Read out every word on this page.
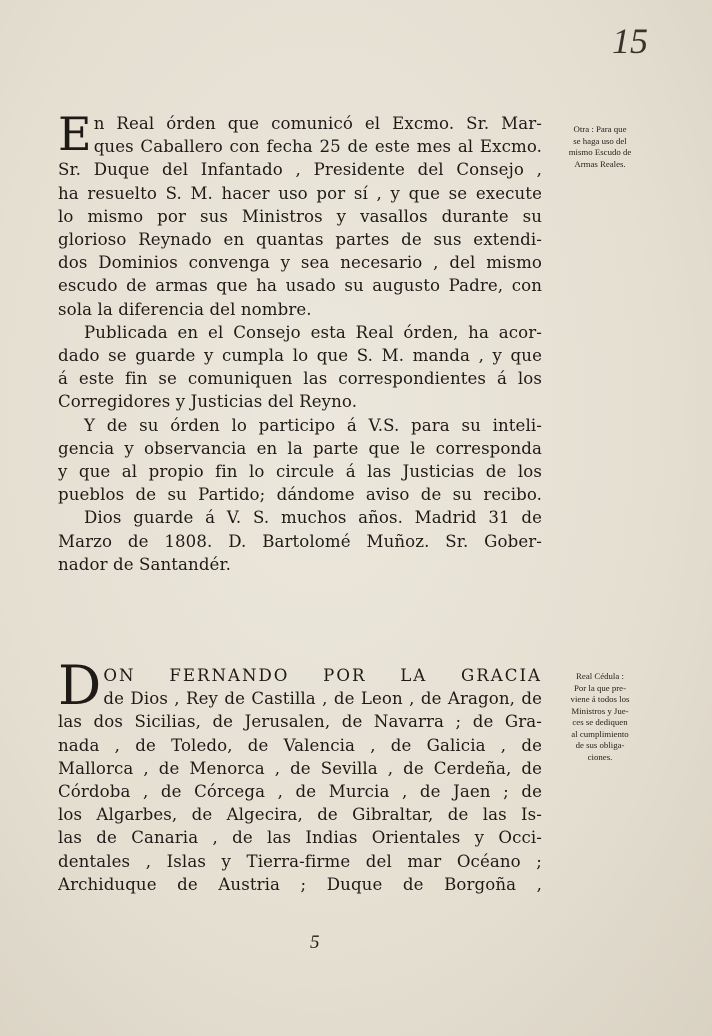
15
E n Real órden que comunicó el Excmo. Sr. Mar-
ques Caballero con fecha 25 de este mes al Excmo.
Sr. Duque del Infantado , Presidente del Consejo ,
ha resuelto S. M. hacer uso por sí , y que se execute
lo mismo por sus Ministros y vasallos durante su
glorioso Reynado en quantas partes de sus extendi-
dos Dominios convenga y sea necesario , del mismo
escudo de armas que ha usado su augusto Padre, con
sola la diferencia del nombre.
Publicada en el Consejo esta Real órden, ha acor-
dado se guarde y cumpla lo que S. M. manda , y que
á este fin se comuniquen las correspondientes á los
Corregidores y Justicias del Reyno.
Y de su órden lo participo á V.S. para su inteli-
gencia y observancia en la parte que le corresponda
y que al propio fin lo circule á las Justicias de los
pueblos de su Partido; dándome aviso de su recibo.
Dios guarde á V. S. muchos años. Madrid 31 de
Marzo de 1808. D. Bartolomé Muñoz. Sr. Gober-
nador de Santandér.
Otra : Para que
se haga uso del
mismo Escudo de
Armas Reales.
D ON FERNANDO POR LA GRACIA
de Dios , Rey de Castilla , de Leon , de Aragon, de
las dos Sicilias, de Jerusalen, de Navarra ; de Gra-
nada , de Toledo, de Valencia , de Galicia , de
Mallorca , de Menorca , de Sevilla , de Cerdeña, de
Córdoba , de Córcega , de Murcia , de Jaen ; de
los Algarbes, de Algecira, de Gibraltar, de las Is-
las de Canaria , de las Indias Orientales y Occi-
dentales , Islas y Tierra-firme del mar Océano ;
Archiduque de Austria ; Duque de Borgoña ,
Real Cédula :
Por la que pre-
viene á todos los
Ministros y Jue-
ces se dediquen
al cumplimiento
de sus obliga-
ciones.
5
